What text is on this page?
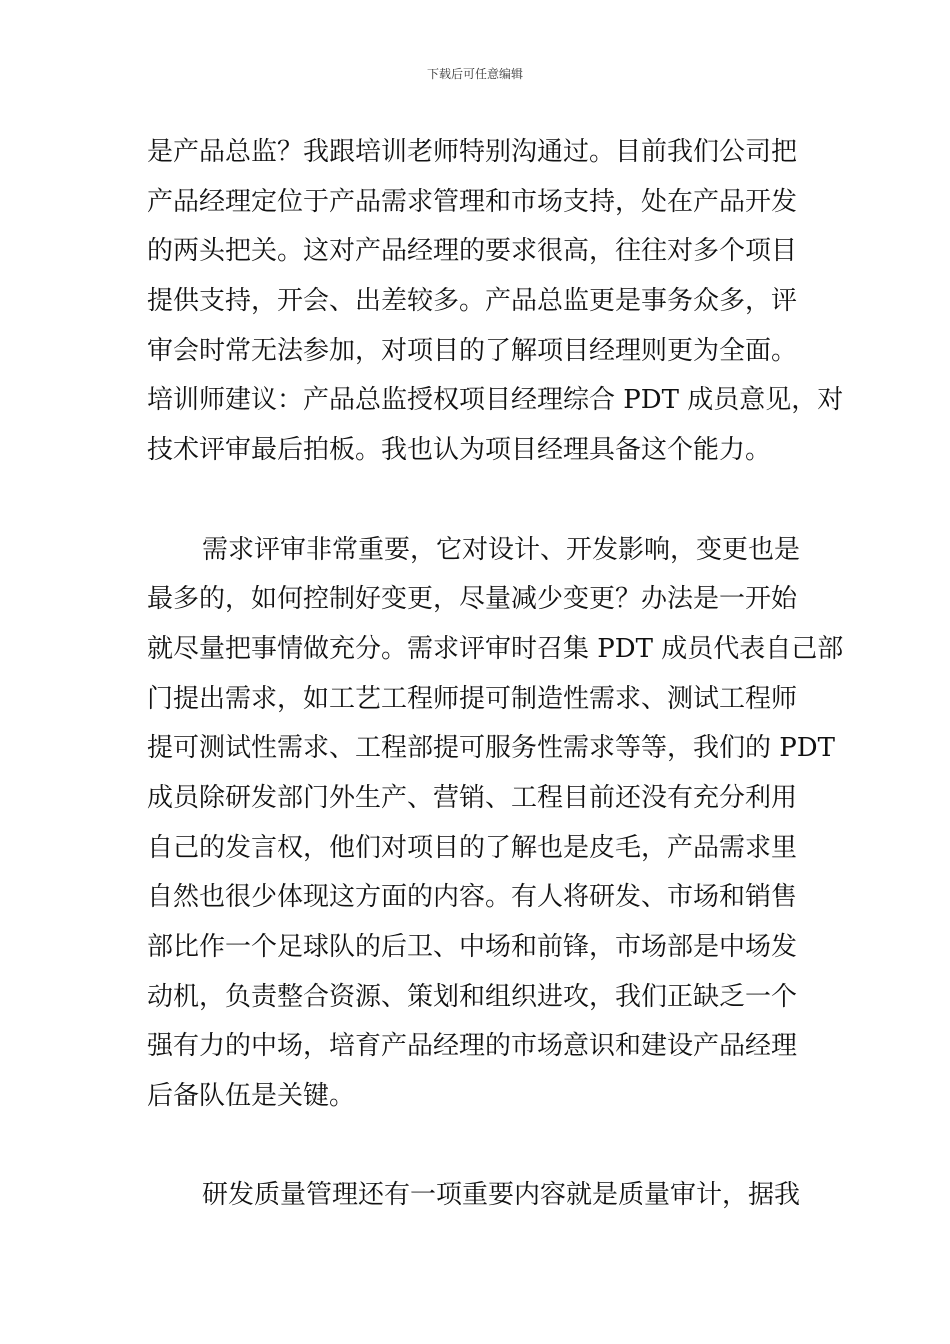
下载后可任意编辑
是产品总监？我跟培训老师特别沟通过。目前我们公司把
产品经理定位于产品需求管理和市场支持，处在产品开发
的两头把关。这对产品经理的要求很高，往往对多个项目
提供支持，开会、出差较多。产品总监更是事务众多，评
审会时常无法参加，对项目的了解项目经理则更为全面。
培训师建议：产品总监授权项目经理综合 PDT 成员意见，对
技术评审最后拍板。我也认为项目经理具备这个能力。
需求评审非常重要，它对设计、开发影响，变更也是
最多的，如何控制好变更，尽量减少变更？办法是一开始
就尽量把事情做充分。需求评审时召集 PDT 成员代表自己部
门提出需求，如工艺工程师提可制造性需求、测试工程师
提可测试性需求、工程部提可服务性需求等等，我们的 PDT
成员除研发部门外生产、营销、工程目前还没有充分利用
自己的发言权，他们对项目的了解也是皮毛，产品需求里
自然也很少体现这方面的内容。有人将研发、市场和销售
部比作一个足球队的后卫、中场和前锋，市场部是中场发
动机，负责整合资源、策划和组织进攻，我们正缺乏一个
强有力的中场，培育产品经理的市场意识和建设产品经理
后备队伍是关键。
研发质量管理还有一项重要内容就是质量审计，据我
